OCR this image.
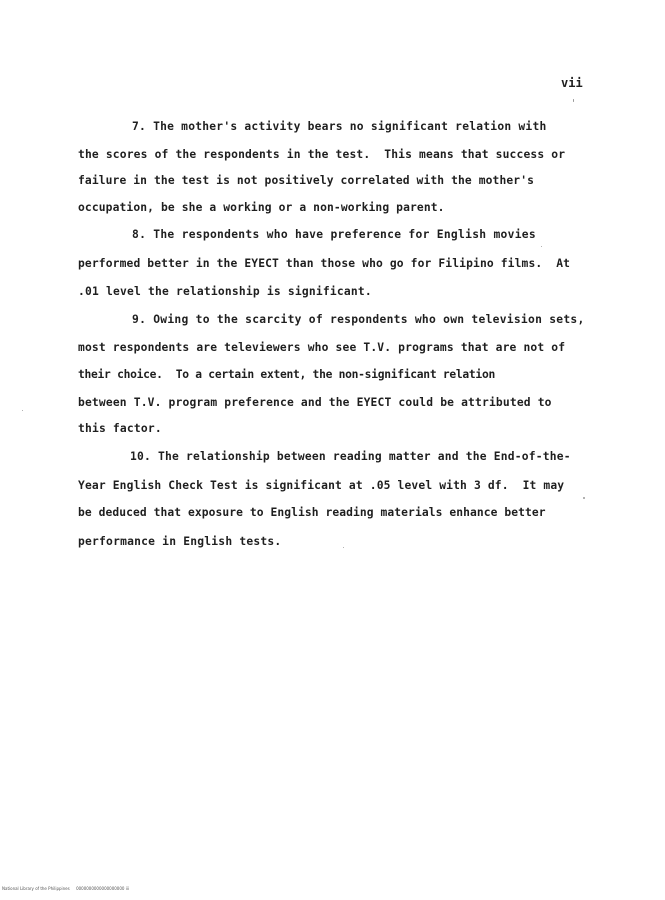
vii
7. The mother's activity bears no significant relation with
the scores of the respondents in the test.  This means that success or
failure in the test is not positively correlated with the mother's
occupation, be she a working or a non-working parent.
8. The respondents who have preference for English movies
performed better in the EYECT than those who go for Filipino films.  At
.01 level the relationship is significant.
9. Owing to the scarcity of respondents who own television sets,
most respondents are televiewers who see T.V. programs that are not of
their choice.  To a certain extent, the non-significant relation
between T.V. program preference and the EYECT could be attributed to
this factor.
10. The relationship between reading matter and the End-of-the-
Year English Check Test is significant at .05 level with 3 df.  It may
be deduced that exposure to English reading materials enhance better
performance in English tests.
National Library of the Philippines     0000000000000000000 iii
